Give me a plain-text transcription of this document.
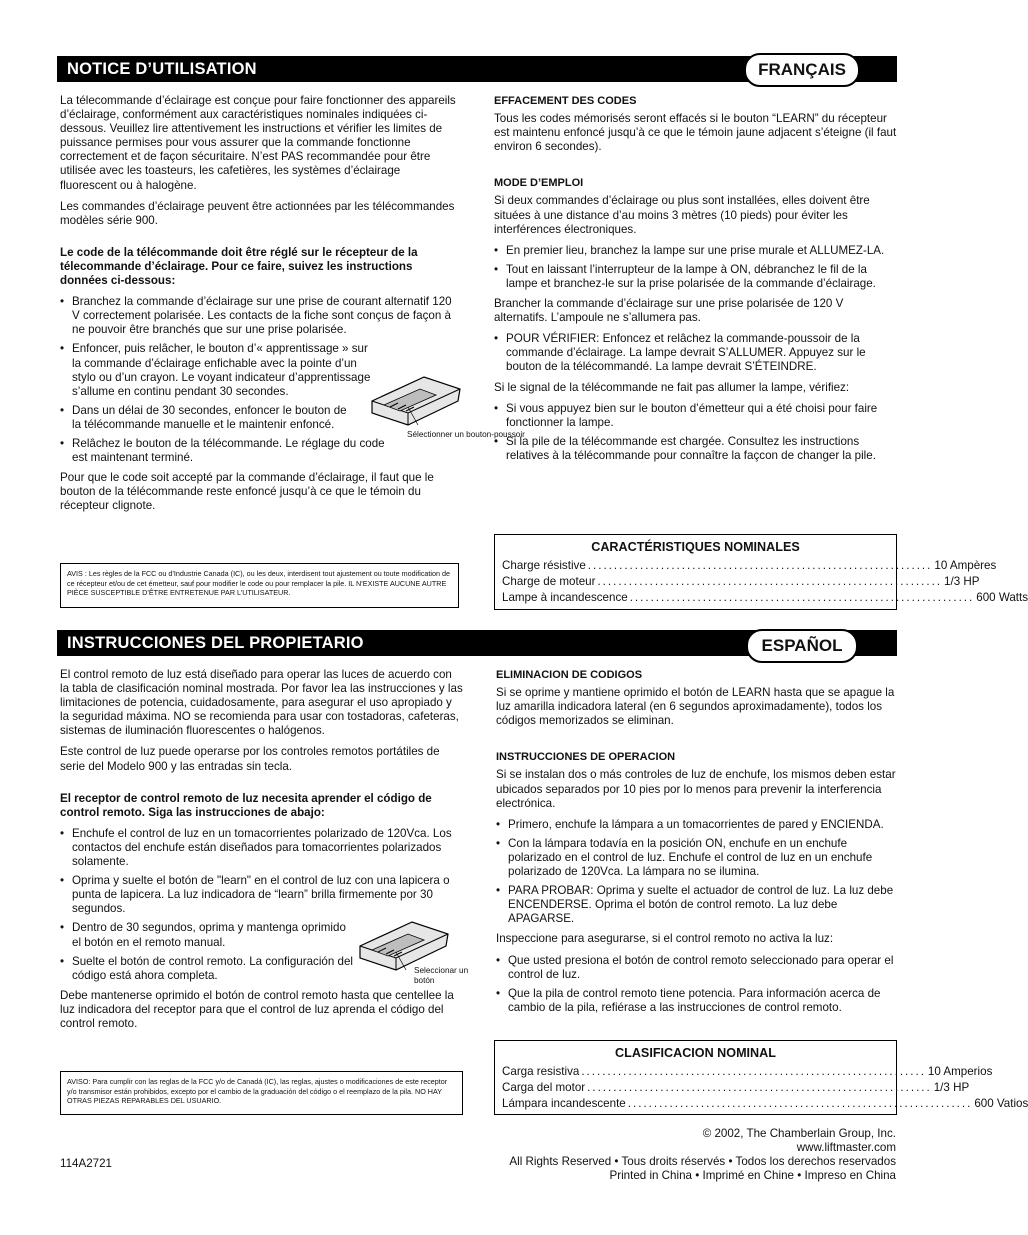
NOTICE D’UTILISATION	FRANÇAIS

La télecommande d’éclairage est conçue pour faire fonctionner des appareils d’éclairage, conformément aux caractéristiques nominales indiquées ci-dessous. Veuillez lire attentivement les instructions et vérifier les limites de puissance permises pour vous assurer que la commande fonctionne correctement et de façon sécuritaire. N’est PAS recommandée pour être utilisée avec les toasteurs, les cafetières, les systèmes d’éclairage fluorescent ou à halogène.

Les commandes d’éclairage peuvent être actionnées par les télécommandes modèles série 900.

Le code de la télécommande doit être réglé sur le récepteur de la télecommande d’éclairage. Pour ce faire, suivez les instructions données ci-dessous:

• Branchez la commande d’éclairage sur une prise de courant alternatif 120 V correctement polarisée. Les contacts de la fiche sont conçus de façon à ne pouvoir être branchés que sur une prise polarisée.
• Enfoncer, puis relâcher, le bouton d’« apprentissage » sur la commande d’éclairage enfichable avec la pointe d’un stylo ou d’un crayon. Le voyant indicateur d’apprentissage s’allume en continu pendant 30 secondes.
• Dans un délai de 30 secondes, enfoncer le bouton de la télécommande manuelle et le maintenir enfoncé.
• Relâchez le bouton de la télécommande. Le réglage du code est maintenant terminé.

Pour que le code soit accepté par la commande d’éclairage, il faut que le bouton de la télécommande reste enfoncé jusqu’à ce que le témoin du récepteur clignote.

Sélectionner un bouton-poussoir
AVIS : Les règles de la FCC ou d’Industrie Canada (IC), ou les deux, interdisent tout ajustement ou toute modification de ce récepteur et/ou de cet émetteur, sauf pour modifier le code ou pour remplacer la pile. IL N’EXISTE AUCUNE AUTRE PIÈCE SUSCEPTIBLE D’ÊTRE ENTRETENUE PAR L’UTILISATEUR.
EFFACEMENT DES CODES

Tous les codes mémorisés seront effacés si le bouton “LEARN” du récepteur est maintenu enfoncé jusqu’à ce que le témoin jaune adjacent s’éteigne (il faut environ 6 secondes).

MODE D’EMPLOI

Si deux commandes d’éclairage ou plus sont installées, elles doivent être situées à une distance d’au moins 3 mètres (10 pieds) pour éviter les interférences électroniques.

• En premier lieu, branchez la lampe sur une prise murale et ALLUMEZ-LA.
• Tout en laissant l’interrupteur de la lampe à ON, débranchez le fil de la lampe et branchez-le sur la prise polarisée de la commande d’éclairage.

Brancher la commande d’éclairage sur une prise polarisée de 120 V alternatifs. L’ampoule ne s’allumera pas.

• POUR VÉRIFIER: Enfoncez et relâchez la commande-poussoir de la commande d’éclairage. La lampe devrait S’ALLUMER. Appuyez sur le bouton de la télécommandé. La lampe devrait S’ÉTEINDRE.

Si le signal de la télécommande ne fait pas allumer la lampe, vérifiez:

• Si vous appuyez bien sur le bouton d’émetteur qui a été choisi pour faire fonctionner la lampe.
• Si la pile de la télécommande est chargée. Consultez les instructions relatives à la télécommande pour connaître la façcon de changer la pile.
CARACTÉRISTIQUES NOMINALES
Charge résistive .................................................................. 10 Ampères
Charge de moteur .................................................................. 1/3 HP
Lampe à incandescence .................................................................. 600 Watts
INSTRUCCIONES DEL PROPIETARIO	ESPAÑOL

El control remoto de luz está diseñado para operar las luces de acuerdo con la tabla de clasificación nominal mostrada. Por favor lea las instrucciones y las limitaciones de potencia, cuidadosamente, para asegurar el uso apropiado y la seguridad máxima. NO se recomienda para usar con tostadoras, cafeteras, sistemas de iluminación fluorescentes o halógenos.

Este control de luz puede operarse por los controles remotos portátiles de serie del Modelo 900 y las entradas sin tecla.

El receptor de control remoto de luz necesita aprender el código de control remoto. Siga las instrucciones de abajo:

• Enchufe el control de luz en un tomacorrientes polarizado de 120Vca. Los contactos del enchufe están diseñados para tomacorrientes polarizados solamente.
• Oprima y suelte el botón de "learn" en el control de luz con una lapicera o punta de lapicera. La luz indicadora de “learn” brilla firmemente por 30 segundos.
• Dentro de 30 segundos, oprima y mantenga oprimido el botón en el remoto manual.
• Suelte el botón de control remoto. La configuración del código está ahora completa.

Debe mantenerse oprimido el botón de control remoto hasta que centellee la luz indicadora del receptor para que el control de luz aprenda el código del control remoto.

Seleccionar un botón
AVISO: Para cumplir con las reglas de la FCC y/o de Canadá (IC), las reglas, ajustes o modificaciones de este receptor y/o transmisor están prohibidos, excepto por el cambio de la graduación del código o el reemplazo de la pila. NO HAY OTRAS PIEZAS REPARABLES DEL USUARIO.
ELIMINACION DE CODIGOS

Si se oprime y mantiene oprimido el botón de LEARN hasta que se apague la luz amarilla indicadora lateral (en 6 segundos aproximadamente), todos los códigos memorizados se eliminan.

INSTRUCCIONES DE OPERACION

Si se instalan dos o más controles de luz de enchufe, los mismos deben estar ubicados separados por 10 pies por lo menos para prevenir la interferencia electrónica.

• Primero, enchufe la lámpara a un tomacorrientes de pared y ENCIENDA.
• Con la lámpara todavía en la posición ON, enchufe en un enchufe polarizado en el control de luz. Enchufe el control de luz en un enchufe polarizado de 120Vca. La lámpara no se ilumina.
• PARA PROBAR: Oprima y suelte el actuador de control de luz. La luz debe ENCENDERSE. Oprima el botón de control remoto. La luz debe APAGARSE.

Inspeccione para asegurarse, si el control remoto no activa la luz:

• Que usted presiona el botón de control remoto seleccionado para operar el control de luz.
• Que la pila de control remoto tiene potencia. Para información acerca de cambio de la pila, refiérase a las instrucciones de control remoto.
CLASIFICACION NOMINAL
Carga resistiva .................................................................. 10 Amperios
Carga del motor .................................................................. 1/3 HP
Lámpara incandescente .................................................................. 600 Vatios
114A2721
© 2002, The Chamberlain Group, Inc.
www.liftmaster.com
All Rights Reserved • Tous droits réservés • Todos los derechos reservados
Printed in China • Imprimé en Chine • Impreso en China
